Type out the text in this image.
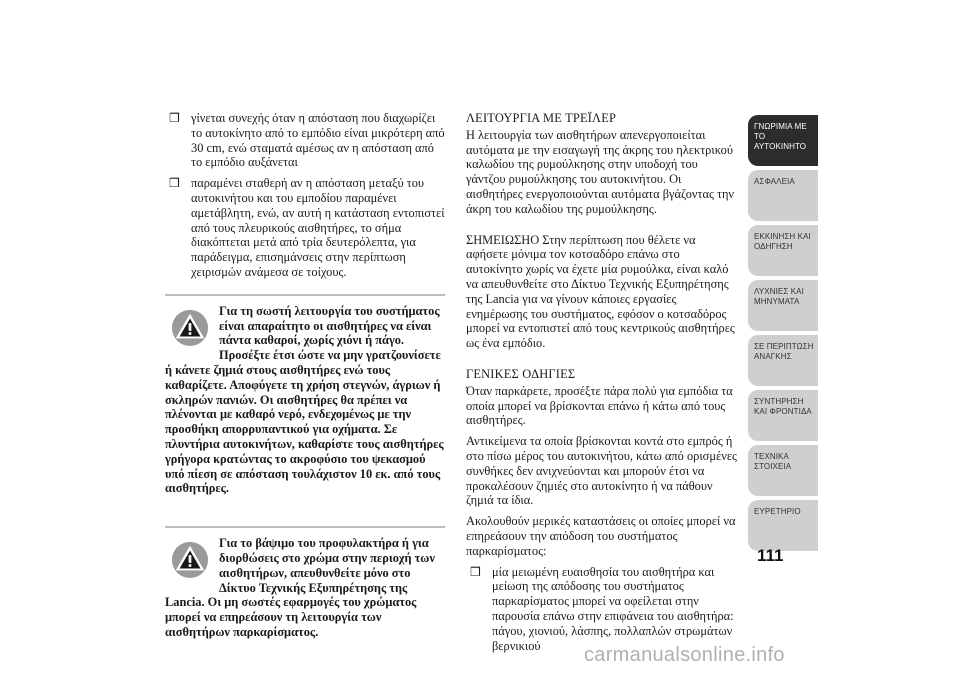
❒ γίνεται συνεχής όταν η απόσταση που διαχωρίζει το αυτοκίνητο από το εμπόδιο είναι μικρότερη από 30 cm, ενώ σταματά αμέσως αν η απόσταση από το εμπόδιο αυξάνεται
❒ παραμένει σταθερή αν η απόσταση μεταξύ του αυτοκινήτου και του εμποδίου παραμένει αμετάβλητη, ενώ, αν αυτή η κατάσταση εντοπιστεί από τους πλευρικούς αισθητήρες, το σήμα διακόπτεται μετά από τρία δευτερόλεπτα, για παράδειγμα, επισημάνσεις στην περίπτωση χειρισμών ανάμεσα σε τοίχους.
Για τη σωστή λειτουργία του συστήματος είναι απαραίτητο οι αισθητήρες να είναι πάντα καθαροί, χωρίς χιόνι ή πάγο. Προσέξτε έτσι ώστε να μην γρατζουνίσετε ή κάνετε ζημιά στους αισθητήρες ενώ τους καθαρίζετε. Αποφύγετε τη χρήση στεγνών, άγριων ή σκληρών πανιών. Οι αισθητήρες θα πρέπει να πλένονται με καθαρό νερό, ενδεχομένως με την προσθήκη απορρυπαντικού για οχήματα. Σε πλυντήρια αυτοκινήτων, καθαρίστε τους αισθητήρες γρήγορα κρατώντας το ακροφύσιο του ψεκασμού υπό πίεση σε απόσταση τουλάχιστον 10 εκ. από τους αισθητήρες.
Για το βάψιμο του προφυλακτήρα ή για διορθώσεις στο χρώμα στην περιοχή των αισθητήρων, απευθυνθείτε μόνο στο Δίκτυο Τεχνικής Εξυπηρέτησης της Lancia. Οι μη σωστές εφαρμογές του χρώματος μπορεί να επηρεάσουν τη λειτουργία των αισθητήρων παρκαρίσματος.
ΛΕΙΤΟΥΡΓΙΑ ΜΕ ΤΡΕΪΛΕΡ

Η λειτουργία των αισθητήρων απενεργοποιείται αυτόματα με την εισαγωγή της άκρης του ηλεκτρικού καλωδίου της ρυμούλκησης στην υποδοχή του γάντζου ρυμούλκησης του αυτοκινήτου. Οι αισθητήρες ενεργοποιούνται αυτόματα βγάζοντας την άκρη του καλωδίου της ρυμούλκησης.

ΣΗΜΕΙΩΣΗΟ Στην περίπτωση που θέλετε να αφήσετε μόνιμα τον κοτσαδόρο επάνω στο αυτοκίνητο χωρίς να έχετε μία ρυμούλκα, είναι καλό να απευθυνθείτε στο Δίκτυο Τεχνικής Εξυπηρέτησης της Lancia για να γίνουν κάποιες εργασίες ενημέρωσης του συστήματος, εφόσον ο κοτσαδόρος μπορεί να εντοπιστεί από τους κεντρικούς αισθητήρες ως ένα εμπόδιο.

ΓΕΝΙΚΕΣ ΟΔΗΓΙΕΣ

Όταν παρκάρετε, προσέξτε πάρα πολύ για εμπόδια τα οποία μπορεί να βρίσκονται επάνω ή κάτω από τους αισθητήρες.

Αντικείμενα τα οποία βρίσκονται κοντά στο εμπρός ή στο πίσω μέρος του αυτοκινήτου, κάτω από ορισμένες συνθήκες δεν ανιχνεύονται και μπορούν έτσι να προκαλέσουν ζημιές στο αυτοκίνητο ή να πάθουν ζημιά τα ίδια.

Ακολουθούν μερικές καταστάσεις οι οποίες μπορεί να επηρεάσουν την απόδοση του συστήματος παρκαρίσματος:

❒ μία μειωμένη ευαισθησία του αισθητήρα και μείωση της απόδοσης του συστήματος παρκαρίσματος μπορεί να οφείλεται στην παρουσία επάνω στην επιφάνεια του αισθητήρα: πάγου, χιονιού, λάσπης, πολλαπλών στρωμάτων βερνικιού
ΓΝΩΡΙΜΙΑ ΜΕ ΤΟ ΑΥΤΟΚΙΝΗΤΟ
ΑΣΦΑΛΕΙΑ
ΕΚΚΙΝΗΣΗ ΚΑΙ ΟΔΗΓΗΣΗ
ΛΥΧΝΙΕΣ ΚΑΙ ΜΗΝΥΜΑΤΑ
ΣΕ ΠΕΡΙΠΤΩΣΗ ΑΝΑΓΚΗΣ
ΣΥΝΤΗΡΗΣΗ ΚΑΙ ΦΡΟΝΤΙΔΑ
ΤΕΧΝΙΚΑ ΣΤΟΙΧΕΙΑ
ΕΥΡΕΤΗΡΙΟ
111
carmanualsonline.info
